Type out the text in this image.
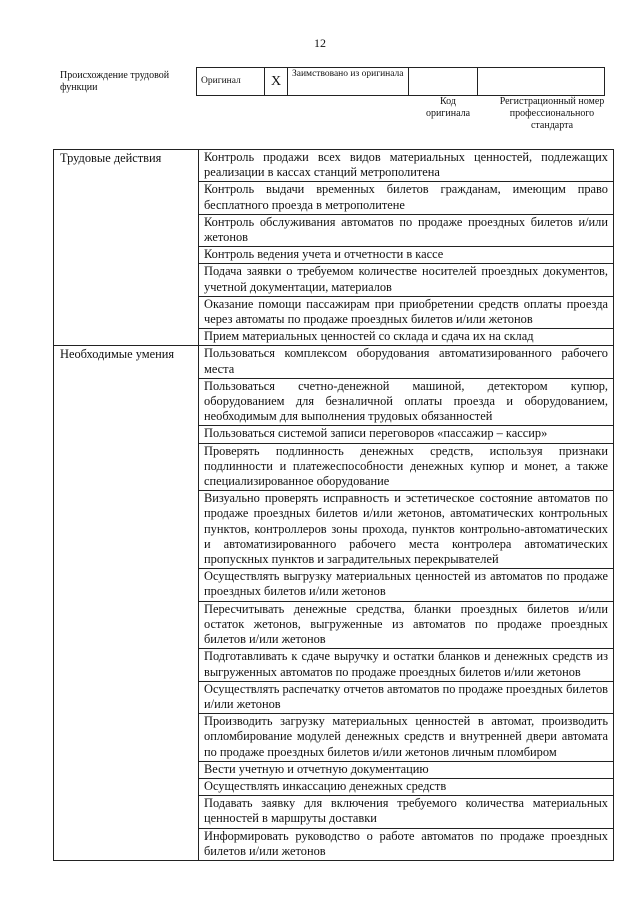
12
Происхождение трудовой функции
Оригинал	X	Заимствовано из оригинала		
Код оригинала
Регистрационный номер профессионального стандарта
Трудовые действия	Контроль продажи всех видов материальных ценностей, подлежащих реализации в кассах станций метрополитена
	Контроль выдачи временных билетов гражданам, имеющим право бесплатного проезда в метрополитене
	Контроль обслуживания автоматов по продаже проездных билетов и/или жетонов
	Контроль ведения учета и отчетности в кассе
	Подача заявки о требуемом количестве носителей проездных документов, учетной документации, материалов
	Оказание помощи пассажирам при приобретении средств оплаты проезда через автоматы по продаже проездных билетов и/или жетонов
	Прием материальных ценностей со склада и сдача их на склад
Необходимые умения	Пользоваться комплексом оборудования автоматизированного рабочего места
	Пользоваться счетно-денежной машиной, детектором купюр, оборудованием для безналичной оплаты проезда и оборудованием, необходимым для выполнения трудовых обязанностей
	Пользоваться системой записи переговоров «пассажир – кассир»
	Проверять подлинность денежных средств, используя признаки подлинности и платежеспособности денежных купюр и монет, а также специализированное оборудование
	Визуально проверять исправность и эстетическое состояние автоматов по продаже проездных билетов и/или жетонов, автоматических контрольных пунктов, контроллеров зоны прохода, пунктов контрольно-автоматических и автоматизированного рабочего места контролера автоматических пропускных пунктов и заградительных перекрывателей
	Осуществлять выгрузку материальных ценностей из автоматов по продаже проездных билетов и/или жетонов
	Пересчитывать денежные средства, бланки проездных билетов и/или остаток жетонов, выгруженные из автоматов по продаже проездных билетов и/или жетонов
	Подготавливать к сдаче выручку и остатки бланков и денежных средств из выгруженных автоматов по продаже проездных билетов и/или жетонов
	Осуществлять распечатку отчетов автоматов по продаже проездных билетов и/или жетонов
	Производить загрузку материальных ценностей в автомат, производить опломбирование модулей денежных средств и внутренней двери автомата по продаже проездных билетов и/или жетонов личным пломбиром
	Вести учетную и отчетную документацию
	Осуществлять инкассацию денежных средств
	Подавать заявку для включения требуемого количества материальных ценностей в маршруты доставки
	Информировать руководство о работе автоматов по продаже проездных билетов и/или жетонов
